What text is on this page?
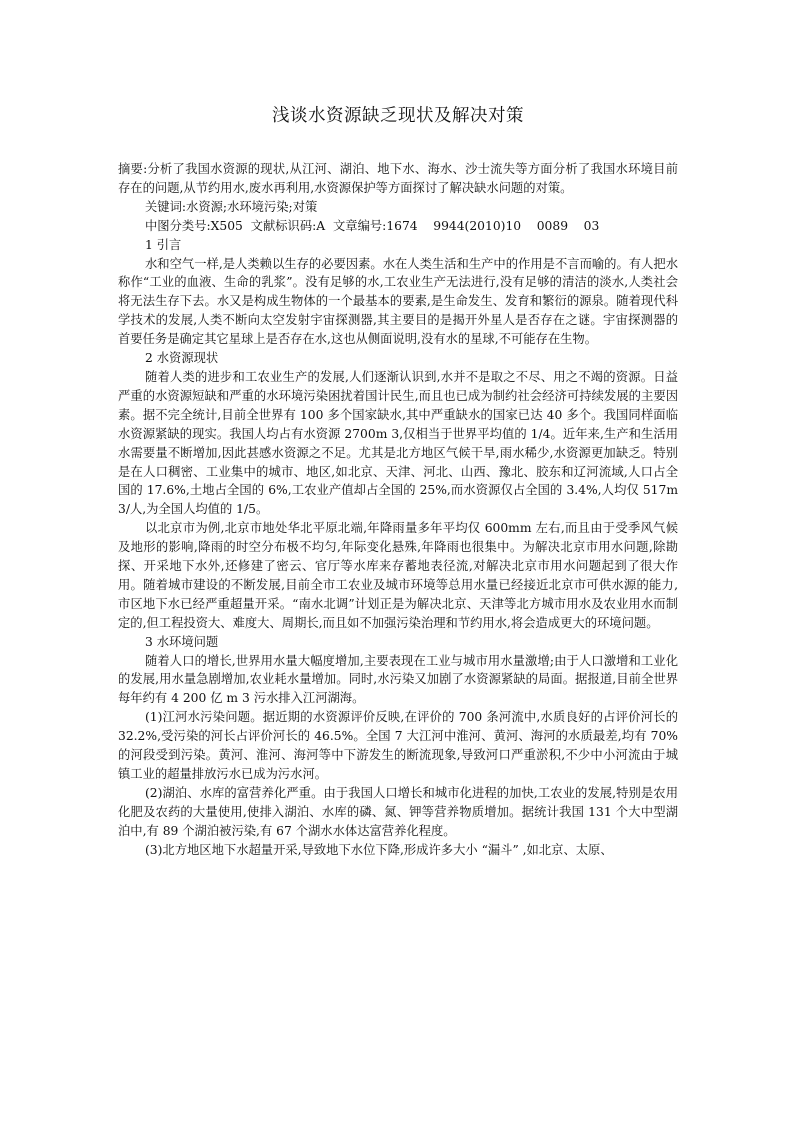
浅谈水资源缺乏现状及解决对策

摘要:分析了我国水资源的现状,从江河、湖泊、地下水、海水、沙士流失等方面分析了我国水环境目前存在的问题,从节约用水,废水再利用,水资源保护等方面探讨了解决缺水问题的对策。

关键词:水资源;水环境污染;对策

中图分类号:X505  文献标识码:A  文章编号:1674    9944(2010)10    0089    03

1 引言

水和空气一样,是人类赖以生存的必要因素。水在人类生活和生产中的作用是不言而喻的。有人把水称作“工业的血液、生命的乳浆”。没有足够的水,工农业生产无法进行,没有足够的清洁的淡水,人类社会将无法生存下去。水又是构成生物体的一个最基本的要素,是生命发生、发育和繁衍的源泉。随着现代科学技术的发展,人类不断向太空发射宇宙探测器,其主要目的是揭开外星人是否存在之谜。宇宙探测器的首要任务是确定其它星球上是否存在水,这也从侧面说明,没有水的星球,不可能存在生物。

2 水资源现状

随着人类的进步和工农业生产的发展,人们逐渐认识到,水并不是取之不尽、用之不竭的资源。日益严重的水资源短缺和严重的水环境污染困扰着国计民生,而且也已成为制约社会经济可持续发展的主要因素。据不完全统计,目前全世界有 100 多个国家缺水,其中严重缺水的国家已达 40 多个。我国同样面临水资源紧缺的现实。我国人均占有水资源 2700m 3,仅相当于世界平均值的 1/4。近年来,生产和生活用水需要量不断增加,因此甚感水资源之不足。尤其是北方地区气候干旱,雨水稀少,水资源更加缺乏。特别是在人口稠密、工业集中的城市、地区,如北京、天津、河北、山西、豫北、胶东和辽河流域,人口占全国的 17.6%,土地占全国的 6%,工农业产值却占全国的 25%,而水资源仅占全国的 3.4%,人均仅 517m 3/人,为全国人均值的 1/5。

以北京市为例,北京市地处华北平原北端,年降雨量多年平均仅 600mm 左右,而且由于受季风气候及地形的影响,降雨的时空分布极不均匀,年际变化悬殊,年降雨也很集中。为解决北京市用水问题,除勘探、开采地下水外,还修建了密云、官厅等水库来存蓄地表径流,对解决北京市用水问题起到了很大作用。随着城市建设的不断发展,目前全市工农业及城市环境等总用水量已经接近北京市可供水源的能力,市区地下水已经严重超量开采。“南水北调”计划正是为解决北京、天津等北方城市用水及农业用水而制定的,但工程投资大、难度大、周期长,而且如不加强污染治理和节约用水,将会造成更大的环境问题。

3 水环境问题

随着人口的增长,世界用水量大幅度增加,主要表现在工业与城市用水量激增;由于人口激增和工业化的发展,用水量急剧增加,农业耗水量增加。同时,水污染又加剧了水资源紧缺的局面。据报道,目前全世界每年约有 4 200 亿 m 3 污水排入江河湖海。

(1)江河水污染问题。据近期的水资源评价反映,在评价的 700 条河流中,水质良好的占评价河长的 32.2%,受污染的河长占评价河长的 46.5%。全国 7 大江河中淮河、黄河、海河的水质最差,均有 70%的河段受到污染。黄河、淮河、海河等中下游发生的断流现象,导致河口严重淤积,不少中小河流由于城镇工业的超量排放污水已成为污水河。

(2)湖泊、水库的富营养化严重。由于我国人口增长和城市化进程的加快,工农业的发展,特别是农用化肥及农药的大量使用,使排入湖泊、水库的磷、氮、钾等营养物质增加。据统计我国 131 个大中型湖泊中,有 89 个湖泊被污染,有 67 个湖水水体达富营养化程度。

(3)北方地区地下水超量开采,导致地下水位下降,形成许多大小 “漏斗” ,如北京、太原、
